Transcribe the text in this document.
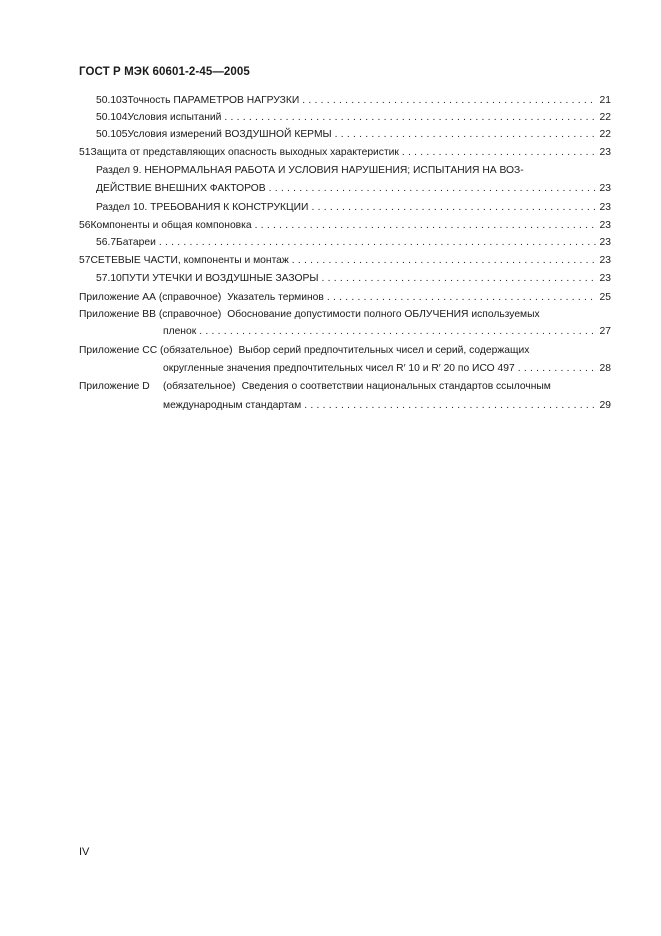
ГОСТ Р МЭК 60601-2-45—2005
50.103 Точность ПАРАМЕТРОВ НАГРУЗКИ . . .	21
50.104 Условия испытаний . . .	22
50.105 Условия измерений ВОЗДУШНОЙ КЕРМЫ . . .	22
51 Защита от представляющих опасность выходных характеристик . . .	23
Раздел 9. НЕНОРМАЛЬНАЯ РАБОТА И УСЛОВИЯ НАРУШЕНИЯ; ИСПЫТАНИЯ НА ВОЗ-
ДЕЙСТВИЕ ВНЕШНИХ ФАКТОРОВ . . .	23
Раздел 10. ТРЕБОВАНИЯ К КОНСТРУКЦИИ . . .	23
56 Компоненты и общая компоновка . . .	23
56.7 Батареи . . .	23
57 СЕТЕВЫЕ ЧАСТИ, компоненты и монтаж . . .	23
57.10 ПУТИ УТЕЧКИ И ВОЗДУШНЫЕ ЗАЗОРЫ . . .	23
Приложение АА (справочное) Указатель терминов . . .	25
Приложение ВВ (справочное) Обоснование допустимости полного ОБЛУЧЕНИЯ используемых
пленок . . .	27
Приложение СС (обязательное) Выбор серий предпочтительных чисел и серий, содержащих
округленные значения предпочтительных чисел R′ 10 и R′ 20 по ИСО 497 . . .	28
Приложение D (обязательное) Сведения о соответствии национальных стандартов ссылочным
международным стандартам . . .	29
IV
